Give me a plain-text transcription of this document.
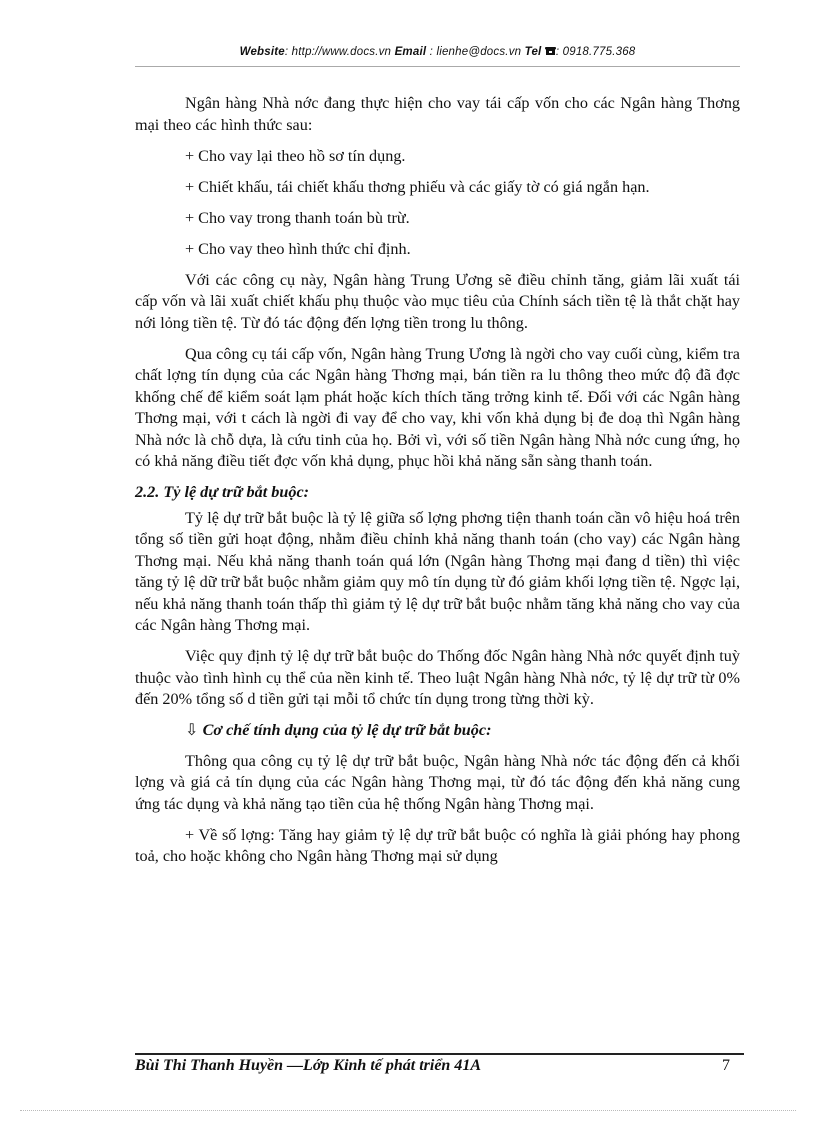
Website: http://www.docs.vn Email : lienhe@docs.vn Tel : 0918.775.368

Ngân hàng Nhà nớc đang thực hiện cho vay tái cấp vốn cho các Ngân hàng Thơng mại theo các hình thức sau:

+ Cho vay lại theo hồ sơ tín dụng.

+ Chiết khấu, tái chiết khấu thơng phiếu và các giấy tờ có giá ngắn hạn.

+ Cho vay trong thanh toán bù trừ.

+ Cho vay theo hình thức chỉ định.

Với các công cụ này, Ngân hàng Trung Ương sẽ điều chỉnh tăng, giảm lãi xuất tái cấp vốn và lãi xuất chiết khấu phụ thuộc vào mục tiêu của Chính sách tiền tệ là thắt chặt hay nới lỏng tiền tệ. Từ đó tác động đến lợng tiền trong lu thông.

Qua công cụ tái cấp vốn, Ngân hàng Trung Ương là ngời cho vay cuối cùng, kiểm tra chất lợng tín dụng của các Ngân hàng Thơng mại, bán tiền ra lu thông theo mức độ đã đợc khống chế để kiểm soát lạm phát hoặc kích thích tăng trởng kinh tế. Đối với các Ngân hàng Thơng mại, với t cách là ngời đi vay để cho vay, khi vốn khả dụng bị đe doạ thì Ngân hàng Nhà nớc là chỗ dựa, là cứu tinh của họ. Bởi vì, với số tiền Ngân hàng Nhà nớc cung ứng, họ có khả năng điều tiết đợc vốn khả dụng, phục hồi khả năng sẵn sàng thanh toán.

2.2. Tỷ lệ dự trữ bắt buộc:

Tỷ lệ dự trữ bắt buộc là tỷ lệ giữa số lợng phơng tiện thanh toán cần vô hiệu hoá trên tổng số tiền gửi hoạt động, nhằm điều chỉnh khả năng thanh toán (cho vay) các Ngân hàng Thơng mại. Nếu khả năng thanh toán quá lớn (Ngân hàng Thơng mại đang d tiền) thì việc tăng tỷ lệ dữ trữ bắt buộc nhằm giảm quy mô tín dụng từ đó giảm khối lợng tiền tệ. Ngợc lại, nếu khả năng thanh toán thấp thì giảm tỷ lệ dự trữ bắt buộc nhằm tăng khả năng cho vay của các Ngân hàng Thơng mại.

Việc quy định tỷ lệ dự trữ bắt buộc do Thống đốc Ngân hàng Nhà nớc quyết định tuỳ thuộc vào tình hình cụ thể của nền kinh tế. Theo luật Ngân hàng Nhà nớc, tỷ lệ dự trữ từ 0% đến 20% tổng số d tiền gửi tại mỗi tổ chức tín dụng trong từng thời kỳ.

⇩ Cơ chế tính dụng của tỷ lệ dự trữ bắt buộc:

Thông qua công cụ tỷ lệ dự trữ bắt buộc, Ngân hàng Nhà nớc tác động đến cả khối lợng và giá cả tín dụng của các Ngân hàng Thơng mại, từ đó tác động đến khả năng cung ứng tác dụng và khả năng tạo tiền của hệ thống Ngân hàng Thơng mại.

+ Về số lợng: Tăng hay giảm tỷ lệ dự trữ bắt buộc có nghĩa là giải phóng hay phong toả, cho hoặc không cho Ngân hàng Thơng mại sử dụng

Bùi Thi Thanh Huyền —Lớp Kinh tế phát triển 41A	7
